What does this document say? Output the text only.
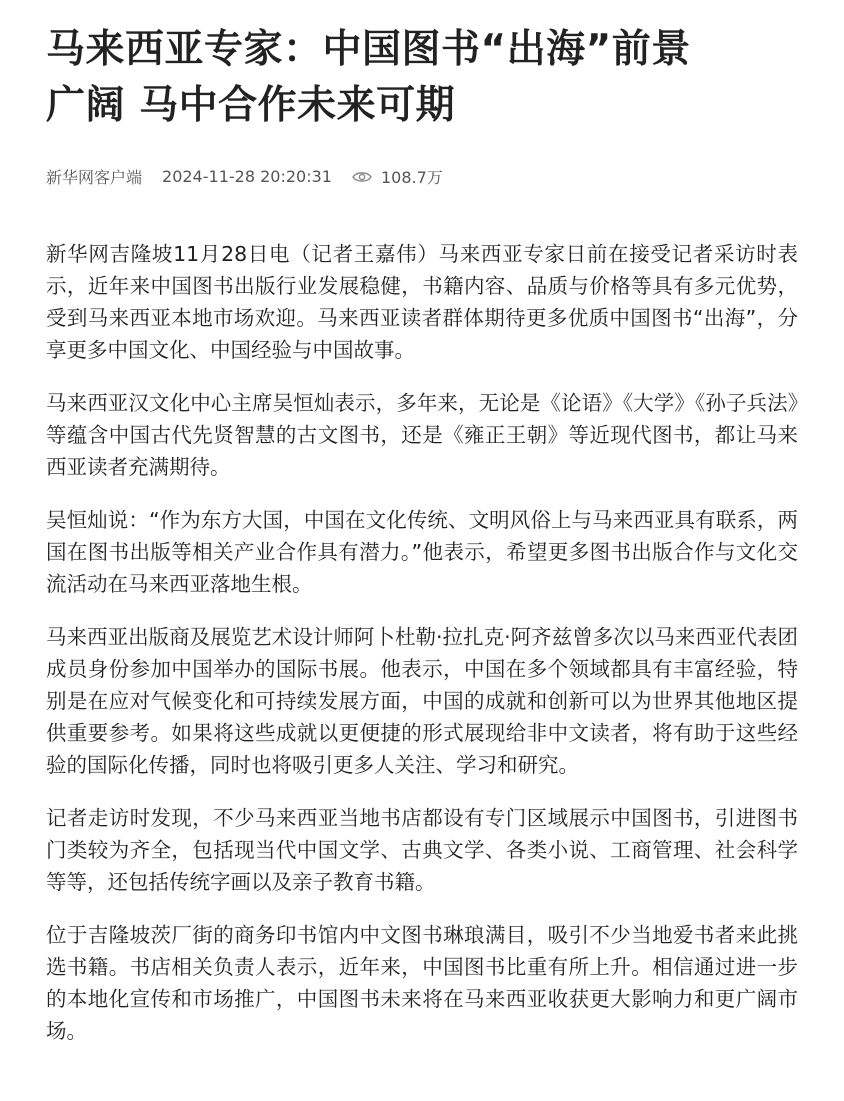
马来西亚专家：中国图书“出海”前景
广阔 马中合作未来可期
新华网客户端 2024-11-28 20:20:31	108.7万

新华网吉隆坡11月28日电（记者王嘉伟）马来西亚专家日前在接受记者采访时表示，近年来中国图书出版行业发展稳健，书籍内容、品质与价格等具有多元优势，受到马来西亚本地市场欢迎。马来西亚读者群体期待更多优质中国图书“出海”，分享更多中国文化、中国经验与中国故事。

马来西亚汉文化中心主席吴恒灿表示，多年来，无论是《论语》《大学》《孙子兵法》等蕴含中国古代先贤智慧的古文图书，还是《雍正王朝》等近现代图书，都让马来西亚读者充满期待。

吴恒灿说：“作为东方大国，中国在文化传统、文明风俗上与马来西亚具有联系，两国在图书出版等相关产业合作具有潜力。”他表示，希望更多图书出版合作与文化交流活动在马来西亚落地生根。

马来西亚出版商及展览艺术设计师阿卜杜勒·拉扎克·阿齐兹曾多次以马来西亚代表团成员身份参加中国举办的国际书展。他表示，中国在多个领域都具有丰富经验，特别是在应对气候变化和可持续发展方面，中国的成就和创新可以为世界其他地区提供重要参考。如果将这些成就以更便捷的形式展现给非中文读者，将有助于这些经验的国际化传播，同时也将吸引更多人关注、学习和研究。

记者走访时发现，不少马来西亚当地书店都设有专门区域展示中国图书，引进图书门类较为齐全，包括现当代中国文学、古典文学、各类小说、工商管理、社会科学等等，还包括传统字画以及亲子教育书籍。

位于吉隆坡茨厂街的商务印书馆内中文图书琳琅满目，吸引不少当地爱书者来此挑选书籍。书店相关负责人表示，近年来，中国图书比重有所上升。相信通过进一步的本地化宣传和市场推广，中国图书未来将在马来西亚收获更大影响力和更广阔市场。
